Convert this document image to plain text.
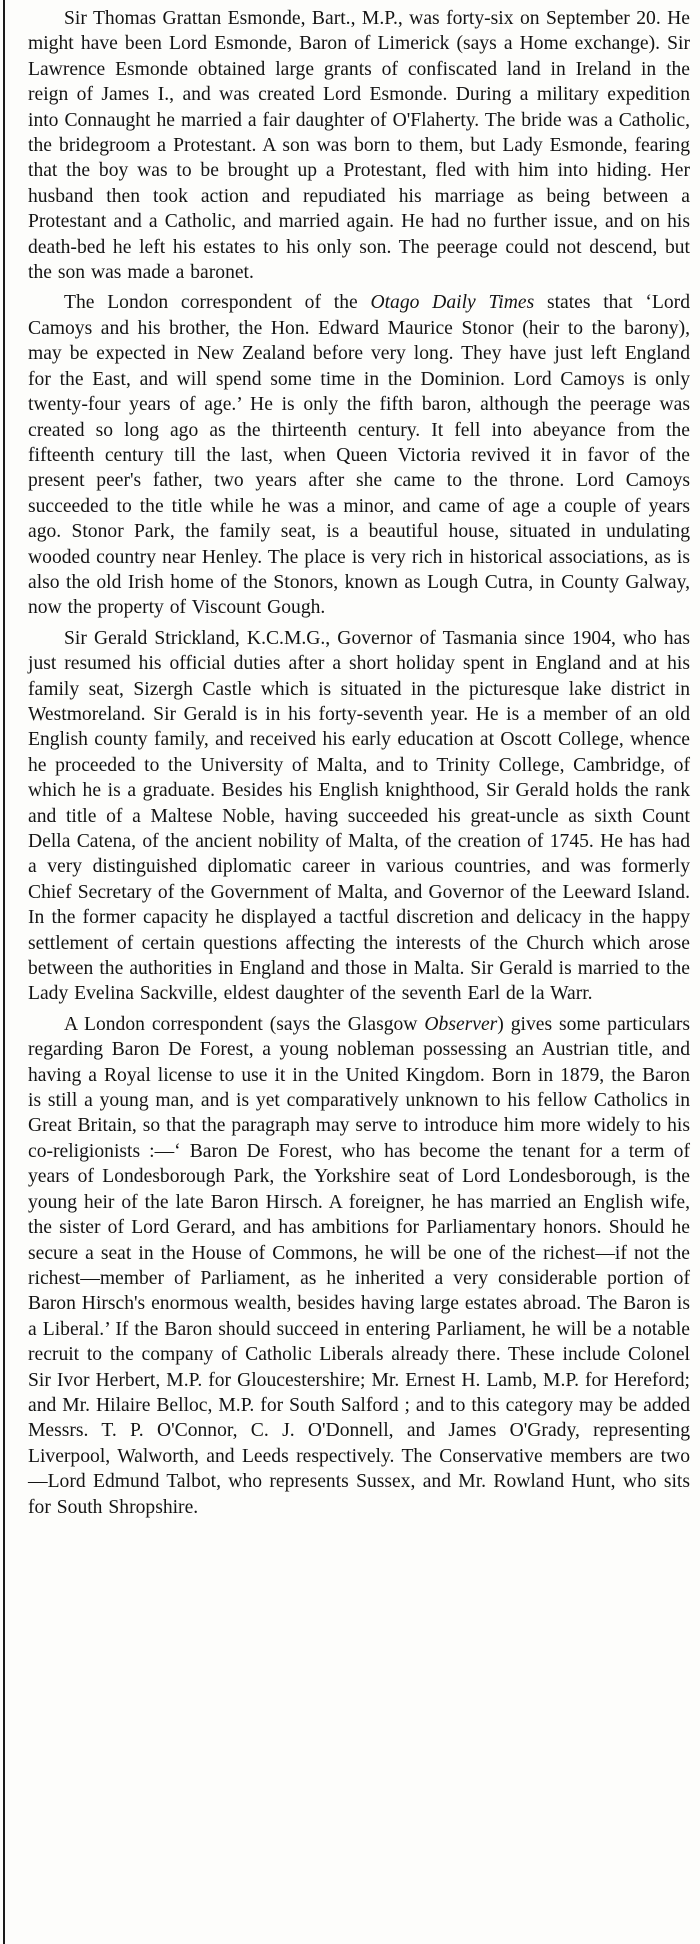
Sir Thomas Grattan Esmonde, Bart., M.P., was forty-six on September 20. He might have been Lord Esmonde, Baron of Limerick (says a Home exchange). Sir Lawrence Esmonde obtained large grants of confiscated land in Ireland in the reign of James I., and was created Lord Esmonde. During a military expedition into Connaught he married a fair daughter of O'Flaherty. The bride was a Catholic, the bridegroom a Protestant. A son was born to them, but Lady Esmonde, fearing that the boy was to be brought up a Protestant, fled with him into hiding. Her husband then took action and repudiated his marriage as being between a Protestant and a Catholic, and married again. He had no further issue, and on his death-bed he left his estates to his only son. The peerage could not descend, but the son was made a baronet.

The London correspondent of the Otago Daily Times states that ‘Lord Camoys and his brother, the Hon. Edward Maurice Stonor (heir to the barony), may be expected in New Zealand before very long. They have just left England for the East, and will spend some time in the Dominion. Lord Camoys is only twenty-four years of age.’ He is only the fifth baron, although the peerage was created so long ago as the thirteenth century. It fell into abeyance from the fifteenth century till the last, when Queen Victoria revived it in favor of the present peer's father, two years after she came to the throne. Lord Camoys succeeded to the title while he was a minor, and came of age a couple of years ago. Stonor Park, the family seat, is a beautiful house, situated in undulating wooded country near Henley. The place is very rich in historical associations, as is also the old Irish home of the Stonors, known as Lough Cutra, in County Galway, now the property of Viscount Gough.

Sir Gerald Strickland, K.C.M.G., Governor of Tasmania since 1904, who has just resumed his official duties after a short holiday spent in England and at his family seat, Sizergh Castle which is situated in the picturesque lake district in Westmoreland. Sir Gerald is in his forty-seventh year. He is a member of an old English county family, and received his early education at Oscott College, whence he proceeded to the University of Malta, and to Trinity College, Cambridge, of which he is a graduate. Besides his English knighthood, Sir Gerald holds the rank and title of a Maltese Noble, having succeeded his great-uncle as sixth Count Della Catena, of the ancient nobility of Malta, of the creation of 1745. He has had a very distinguished diplomatic career in various countries, and was formerly Chief Secretary of the Government of Malta, and Governor of the Leeward Island. In the former capacity he displayed a tactful discretion and delicacy in the happy settlement of certain questions affecting the interests of the Church which arose between the authorities in England and those in Malta. Sir Gerald is married to the Lady Evelina Sackville, eldest daughter of the seventh Earl de la Warr.

A London correspondent (says the Glasgow Observer) gives some particulars regarding Baron De Forest, a young nobleman possessing an Austrian title, and having a Royal license to use it in the United Kingdom. Born in 1879, the Baron is still a young man, and is yet comparatively unknown to his fellow Catholics in Great Britain, so that the paragraph may serve to introduce him more widely to his co-religionists :—‘ Baron De Forest, who has become the tenant for a term of years of Londesborough Park, the Yorkshire seat of Lord Londesborough, is the young heir of the late Baron Hirsch. A foreigner, he has married an English wife, the sister of Lord Gerard, and has ambitions for Parliamentary honors. Should he secure a seat in the House of Commons, he will be one of the richest—if not the richest—member of Parliament, as he inherited a very considerable portion of Baron Hirsch's enormous wealth, besides having large estates abroad. The Baron is a Liberal.’ If the Baron should succeed in entering Parliament, he will be a notable recruit to the company of Catholic Liberals already there. These include Colonel Sir Ivor Herbert, M.P. for Gloucestershire; Mr. Ernest H. Lamb, M.P. for Hereford; and Mr. Hilaire Belloc, M.P. for South Salford ; and to this category may be added Messrs. T. P. O'Connor, C. J. O'Donnell, and James O'Grady, representing Liverpool, Walworth, and Leeds respectively. The Conservative members are two—Lord Edmund Talbot, who represents Sussex, and Mr. Rowland Hunt, who sits for South Shropshire.
